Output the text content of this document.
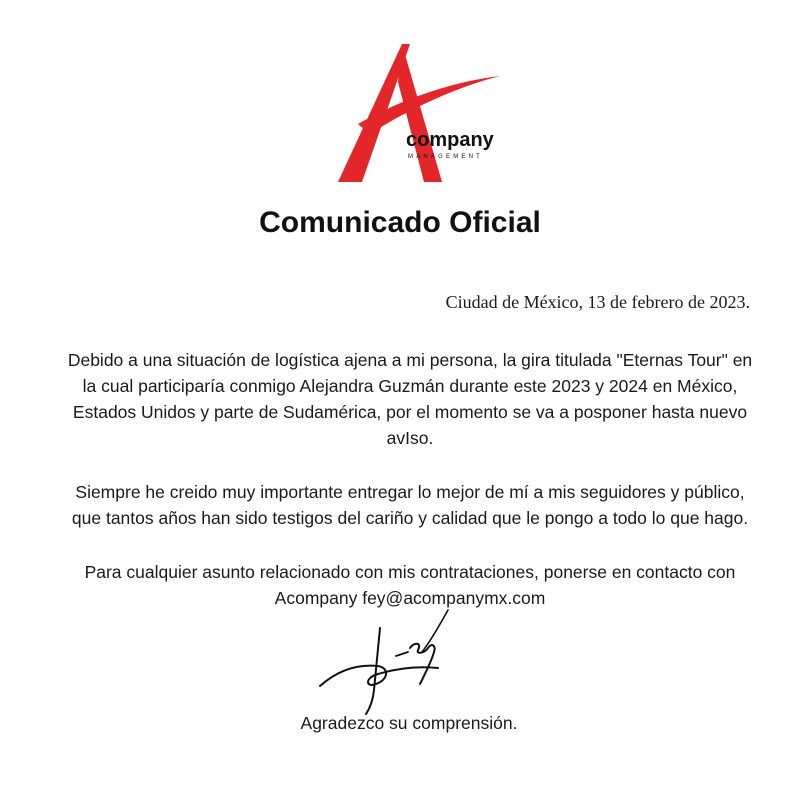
company
MANAGEMENT
Comunicado Oficial
Ciudad de México, 13 de febrero de 2023.
Debido a una situación de logística ajena a mi persona, la gira titulada "Eternas Tour" en
la cual participaría conmigo Alejandra Guzmán durante este 2023 y 2024 en México,
Estados Unidos y parte de Sudamérica, por el momento se va a posponer hasta nuevo
avIso.
Siempre he creido muy importante entregar lo mejor de mí a mis seguidores y público,
que tantos años han sido testigos del cariño y calidad que le pongo a todo lo que hago.
Para cualquier asunto relacionado con mis contrataciones, ponerse en contacto con
Acompany fey@acompanymx.com
Agradezco su comprensión.
